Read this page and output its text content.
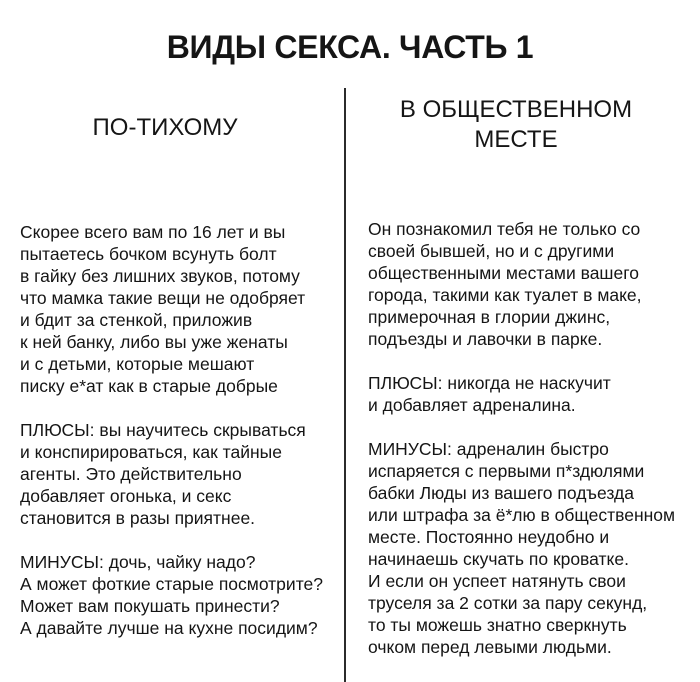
ВИДЫ СЕКСА. ЧАСТЬ 1
ПО-ТИХОМУ
Скорее всего вам по 16 лет и вы
пытаетесь бочком всунуть болт
в гайку без лишних звуков, потому
что мамка такие вещи не одобряет
и бдит за стенкой, приложив
к ней банку, либо вы уже женаты
и с детьми, которые мешают
писку е*ат как в старые добрые
ПЛЮСЫ: вы научитесь скрываться
и конспирироваться, как тайные
агенты. Это действительно
добавляет огонька, и секс
становится в разы приятнее.
МИНУСЫ: дочь, чайку надо?
А может фоткие старые посмотрите?
Может вам покушать принести?
А давайте лучше на кухне посидим?
В ОБЩЕСТВЕННОМ
МЕСТЕ
Он познакомил тебя не только со
своей бывшей, но и с другими
общественными местами вашего
города, такими как туалет в маке,
примерочная в глории джинс,
подъезды и лавочки в парке.
ПЛЮСЫ: никогда не наскучит
и добавляет адреналина.
МИНУСЫ: адреналин быстро
испаряется с первыми п*здюлями
бабки Люды из вашего подъезда
или штрафа за ё*лю в общественном
месте. Постоянно неудобно и
начинаешь скучать по кроватке.
И если он успеет натянуть свои
труселя за 2 сотки за пару секунд,
то ты можешь знатно сверкнуть
очком перед левыми людьми.
